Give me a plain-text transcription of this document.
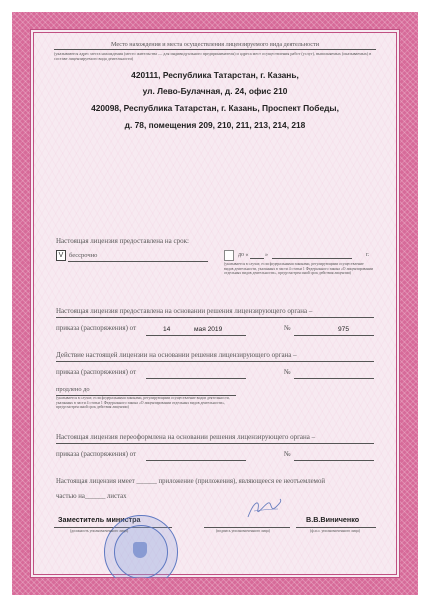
Место нахождения и места осуществления лицензируемого вида деятельности
(указываются адрес места нахождения (место жительства — для индивидуального предпринимателя) и адреса мест осуществления работ (услуг), выполняемых (оказываемых) в составе лицензируемого вида деятельности)
420111, Республика Татарстан, г. Казань,
ул. Лево-Булачная, д. 24, офис 210
420098, Республика Татарстан, г. Казань, Проспект Победы,
д. 78, помещения 209, 210, 211, 213, 214, 218
Настоящая лицензия предоставлена на срок:
V бессрочно	до «	»	г.
(указывается в случае, если федеральными законами, регулирующими осуществление видов деятельности, указанных в части 4 статьи 1 Федерального закона «О лицензировании отдельных видов деятельности», предусмотрен иной срок действия лицензии)
Настоящая лицензия предоставлена на основании решения лицензирующего органа –
приказа (распоряжения) от	14	мая 2019	№	975
Действие настоящей лицензии на основании решения лицензирующего органа –
приказа (распоряжения) от	№
продлено до
(указывается в случае, если федеральными законами, регулирующими осуществление видов деятельности, указанных в части 4 статьи 1 Федерального закона «О лицензировании отдельных видов деятельности», предусмотрен иной срок действия лицензии)
Настоящая лицензия переоформлена на основании решения лицензирующего органа –
приказа (распоряжения) от	№
Настоящая лицензия имеет ______ приложение (приложения), являющееся ее неотъемлемой
частью на______ листах
Заместитель министра	В.В.Виниченко
(должность уполномоченного лица)	(подпись уполномоченного лица)	(ф.и.о. уполномоченного лица)
